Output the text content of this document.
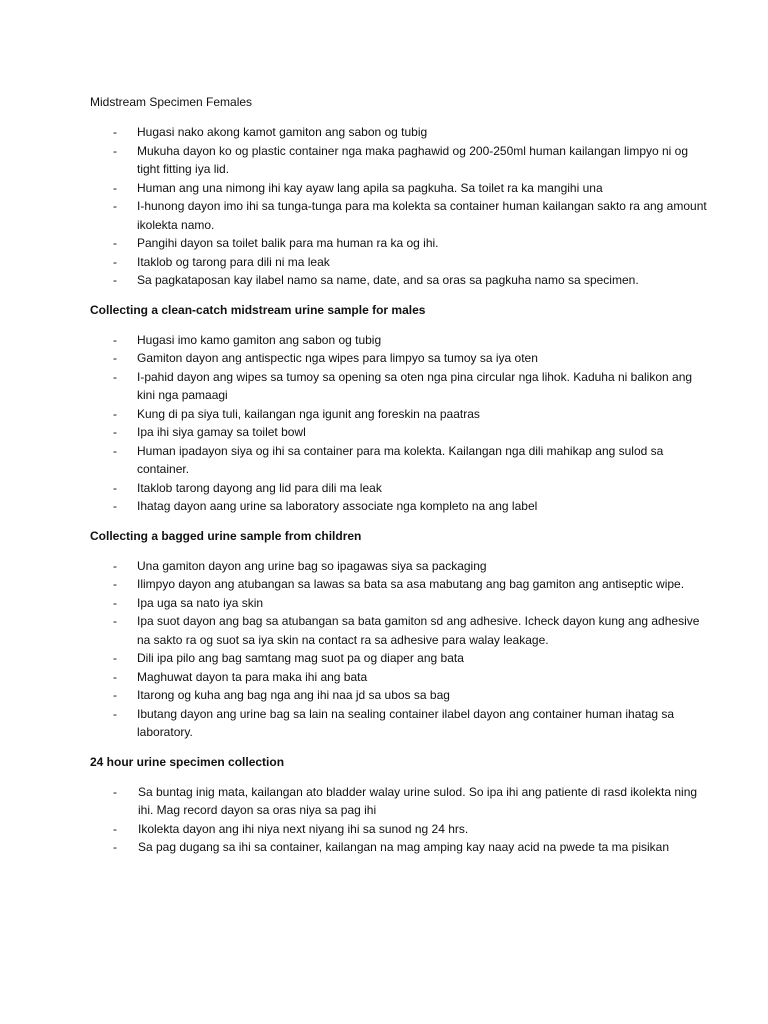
Midstream Specimen Females
- Hugasi nako akong kamot gamiton ang sabon og tubig
- Mukuha dayon ko og plastic container nga maka paghawid og 200-250ml human kailangan limpyo ni og tight fitting iya lid.
- Human ang una nimong ihi kay ayaw lang apila sa pagkuha. Sa toilet ra ka mangihi una
- I-hunong dayon imo ihi sa tunga-tunga para ma kolekta sa container human kailangan sakto ra ang amount ikolekta namo.
- Pangihi dayon sa toilet balik para ma human ra ka og ihi.
- Itaklob og tarong para dili ni ma leak
- Sa pagkataposan kay ilabel namo sa name, date, and sa oras sa pagkuha namo sa specimen.
Collecting a clean-catch midstream urine sample for males
- Hugasi imo kamo gamiton ang sabon og tubig
- Gamiton dayon ang antispectic nga wipes para limpyo sa tumoy sa iya oten
- I-pahid dayon ang wipes sa tumoy sa opening sa oten nga pina circular nga lihok. Kaduha ni balikon ang kini nga pamaagi
- Kung di pa siya tuli, kailangan nga igunit ang foreskin na paatras
- Ipa ihi siya gamay sa toilet bowl
- Human ipadayon siya og ihi sa container para ma kolekta. Kailangan nga dili mahikap ang sulod sa container.
- Itaklob tarong dayong ang lid para dili ma leak
- Ihatag dayon aang urine sa laboratory associate nga kompleto na ang label
Collecting a bagged urine sample from children
- Una gamiton dayon ang urine bag so ipagawas siya sa packaging
- Ilimpyo dayon ang atubangan sa lawas sa bata sa asa mabutang ang bag gamiton ang antiseptic wipe.
- Ipa uga sa nato iya skin
- Ipa suot dayon ang bag sa atubangan sa bata gamiton sd ang adhesive. Icheck dayon kung ang adhesive na sakto ra og suot sa iya skin na contact ra sa adhesive para walay leakage.
- Dili ipa pilo ang bag samtang mag suot pa og diaper ang bata
- Maghuwat dayon ta para maka ihi ang bata
- Itarong og kuha ang bag nga ang ihi naa jd sa ubos sa bag
- Ibutang dayon ang urine bag sa lain na sealing container ilabel dayon ang container human ihatag sa laboratory.
24 hour urine specimen collection
- Sa buntag inig mata, kailangan ato bladder walay urine sulod. So ipa ihi ang patiente di rasd ikolekta ning ihi. Mag record dayon sa oras niya sa pag ihi
- Ikolekta dayon ang ihi niya next niyang ihi sa sunod ng 24 hrs.
- Sa pag dugang sa ihi sa container, kailangan na mag amping kay naay acid na pwede ta ma pisikan
